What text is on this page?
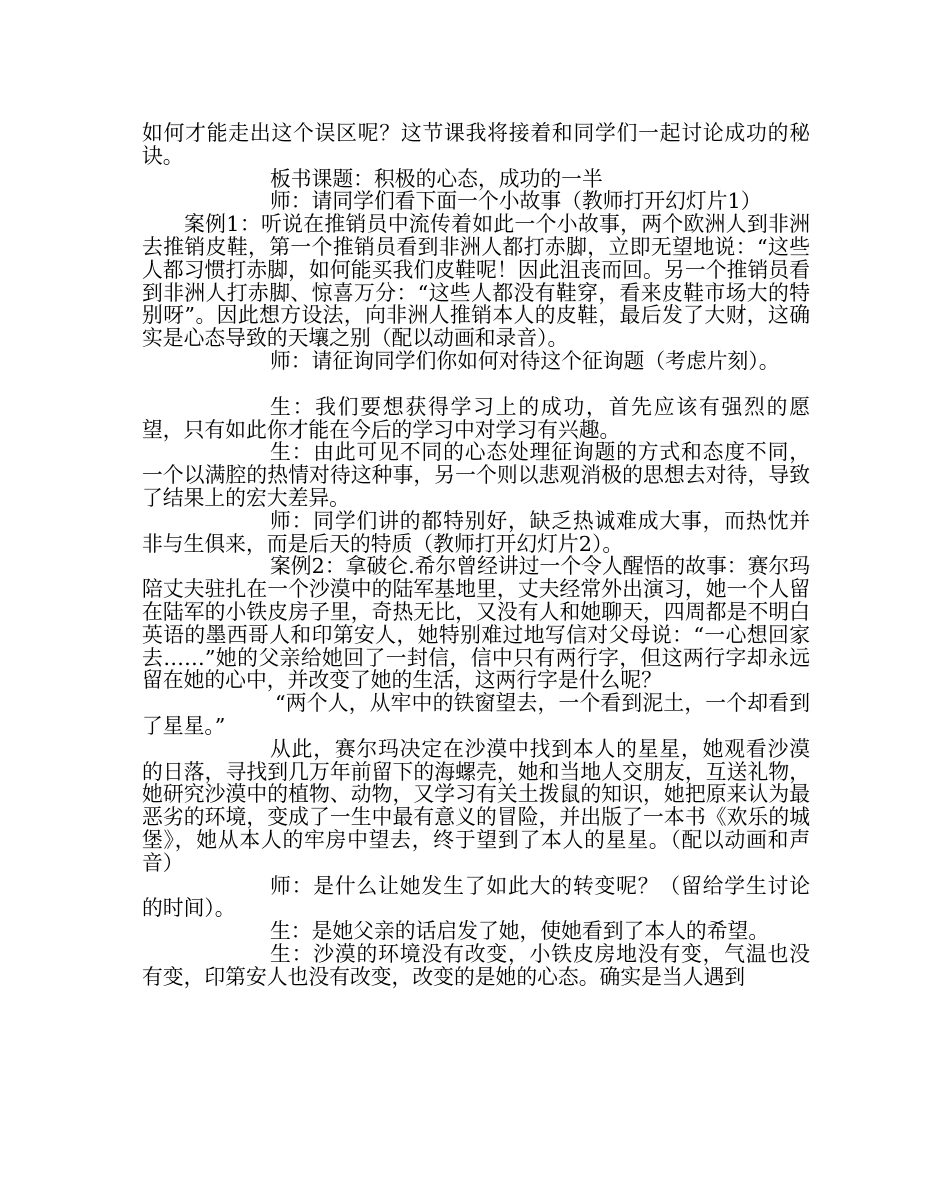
如何才能走出这个误区呢？这节课我将接着和同学们一起讨论成功的秘诀。

板书课题：积极的心态，成功的一半

师：请同学们看下面一个小故事（教师打开幻灯片1）

案例1：听说在推销员中流传着如此一个小故事，两个欧洲人到非洲去推销皮鞋，第一个推销员看到非洲人都打赤脚，立即无望地说：“这些人都习惯打赤脚，如何能买我们皮鞋呢！因此沮丧而回。另一个推销员看到非洲人打赤脚、惊喜万分：“这些人都没有鞋穿，看来皮鞋市场大的特别呀”。因此想方设法，向非洲人推销本人的皮鞋，最后发了大财，这确实是心态导致的天壤之别（配以动画和录音）。

师：请征询同学们你如何对待这个征询题（考虑片刻）。

生：我们要想获得学习上的成功，首先应该有强烈的愿望，只有如此你才能在今后的学习中对学习有兴趣。

生：由此可见不同的心态处理征询题的方式和态度不同，一个以满腔的热情对待这种事，另一个则以悲观消极的思想去对待，导致了结果上的宏大差异。

师：同学们讲的都特别好，缺乏热诚难成大事，而热忱并非与生俱来，而是后天的特质（教师打开幻灯片2）。

案例2：拿破仑.希尔曾经讲过一个令人醒悟的故事：赛尔玛陪丈夫驻扎在一个沙漠中的陆军基地里，丈夫经常外出演习，她一个人留在陆军的小铁皮房子里，奇热无比，又没有人和她聊天，四周都是不明白英语的墨西哥人和印第安人，她特别难过地写信对父母说：“一心想回家去……”她的父亲给她回了一封信，信中只有两行字，但这两行字却永远留在她的心中，并改变了她的生活，这两行字是什么呢？

“两个人，从牢中的铁窗望去，一个看到泥土，一个却看到了星星。”

从此，赛尔玛决定在沙漠中找到本人的星星，她观看沙漠的日落，寻找到几万年前留下的海螺壳，她和当地人交朋友，互送礼物，她研究沙漠中的植物、动物，又学习有关土拨鼠的知识，她把原来认为最恶劣的环境，变成了一生中最有意义的冒险，并出版了一本书《欢乐的城堡》，她从本人的牢房中望去，终于望到了本人的星星。（配以动画和声音）

师：是什么让她发生了如此大的转变呢？（留给学生讨论的时间）。

生：是她父亲的话启发了她，使她看到了本人的希望。

生：沙漠的环境没有改变，小铁皮房地没有变，气温也没有变，印第安人也没有改变，改变的是她的心态。确实是当人遇到
